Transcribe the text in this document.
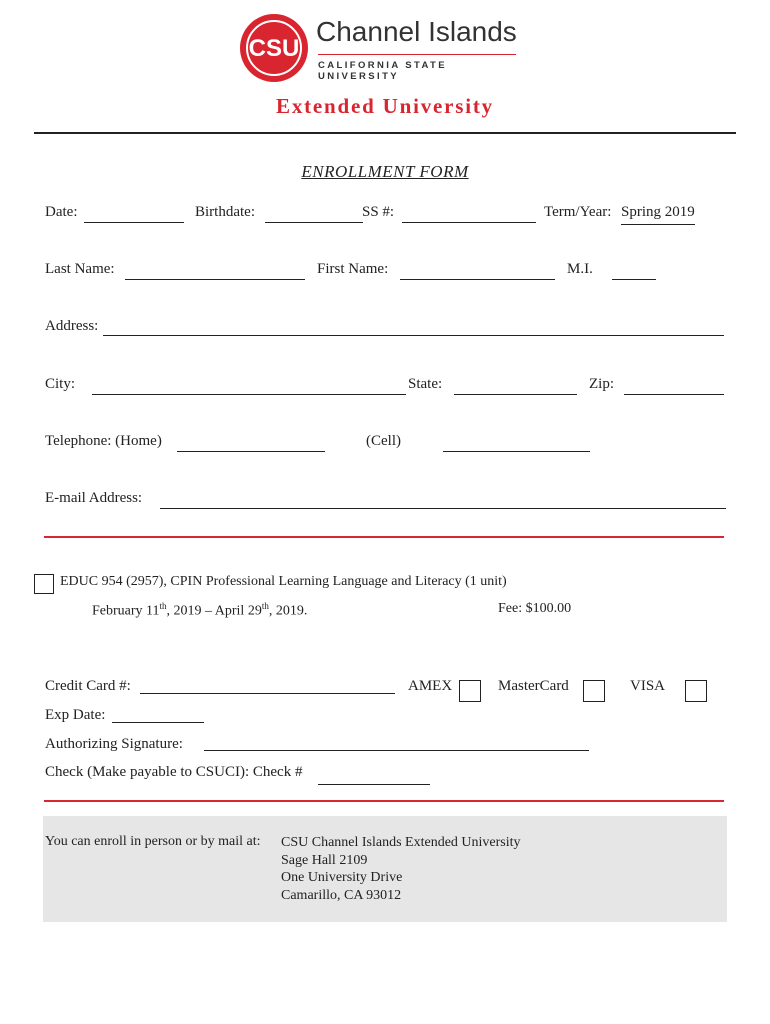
CSU
Channel Islands
CALIFORNIA STATE UNIVERSITY
Extended University
ENROLLMENT FORM
Date:	Birthdate:	SS #:	Term/Year: Spring 2019
Last Name:	First Name:	M.I.
Address:
City:	State:	Zip:
Telephone: (Home)	(Cell)
E-mail Address:
EDUC 954 (2957), CPIN Professional Learning Language and Literacy (1 unit)
February 11th, 2019 – April 29th, 2019.	Fee: $100.00
Credit Card #:	AMEX	MasterCard	VISA
Exp Date:
Authorizing Signature:
Check (Make payable to CSUCI): Check #
You can enroll in person or by mail at: CSU Channel Islands Extended University
Sage Hall 2109
One University Drive
Camarillo, CA 93012
